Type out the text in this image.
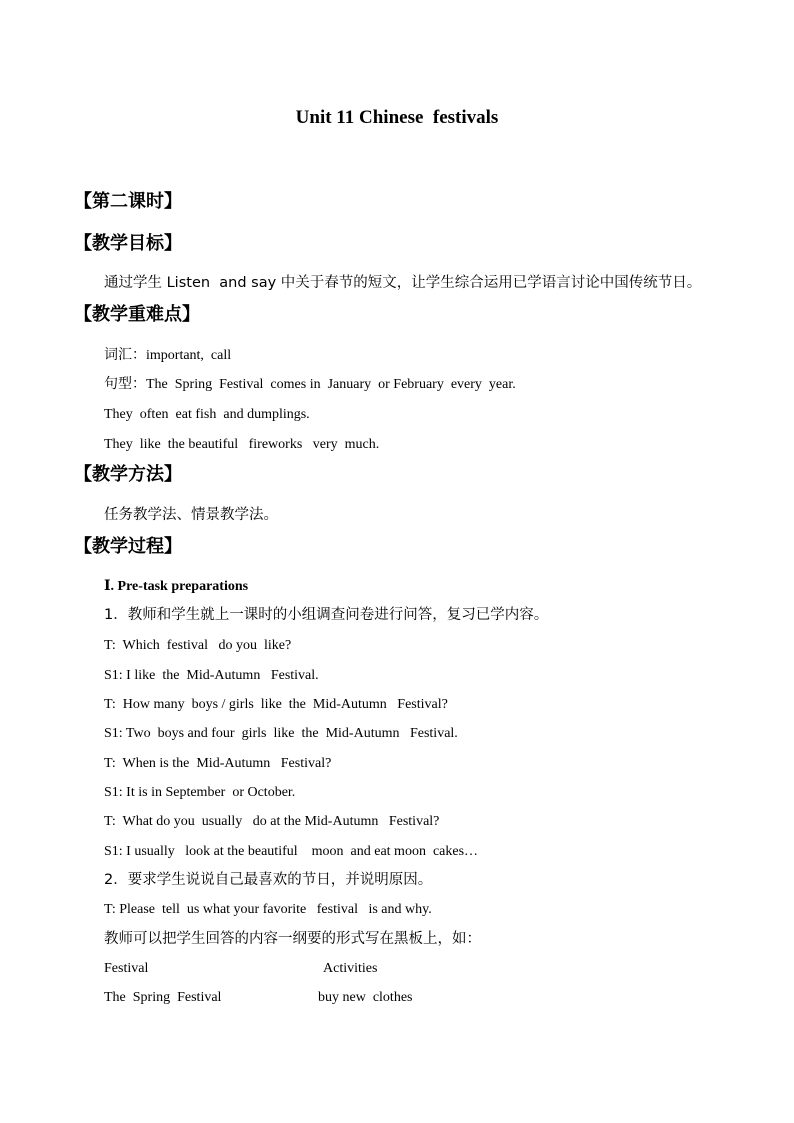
Unit 11 Chinese  festivals
【第二课时】
【教学目标】
通过学生 Listen  and say 中关于春节的短文，让学生综合运用已学语言讨论中国传统节日。
【教学重难点】
词汇：important,  call
句型：The  Spring  Festival  comes in  January  or February  every  year.
They  often  eat fish  and dumplings.
They  like  the beautiful   fireworks   very  much.
【教学方法】
任务教学法、情景教学法。
【教学过程】
Ⅰ. Pre-task preparations
1．教师和学生就上一课时的小组调查问卷进行问答，复习已学内容。
T:  Which  festival   do you  like?
S1: I like  the  Mid-Autumn   Festival.
T:  How many  boys / girls  like  the  Mid-Autumn   Festival?
S1: Two  boys and four  girls  like  the  Mid-Autumn   Festival.
T:  When is the  Mid-Autumn   Festival?
S1: It is in September  or October.
T:  What do you  usually   do at the Mid-Autumn   Festival?
S1: I usually   look at the beautiful    moon  and eat moon  cakes…
2．要求学生说说自己最喜欢的节日，并说明原因。
T: Please  tell  us what your favorite   festival   is and why.
教师可以把学生回答的内容一纲要的形式写在黑板上，如：
Festival	Activities
The  Spring  Festival	buy new  clothes
